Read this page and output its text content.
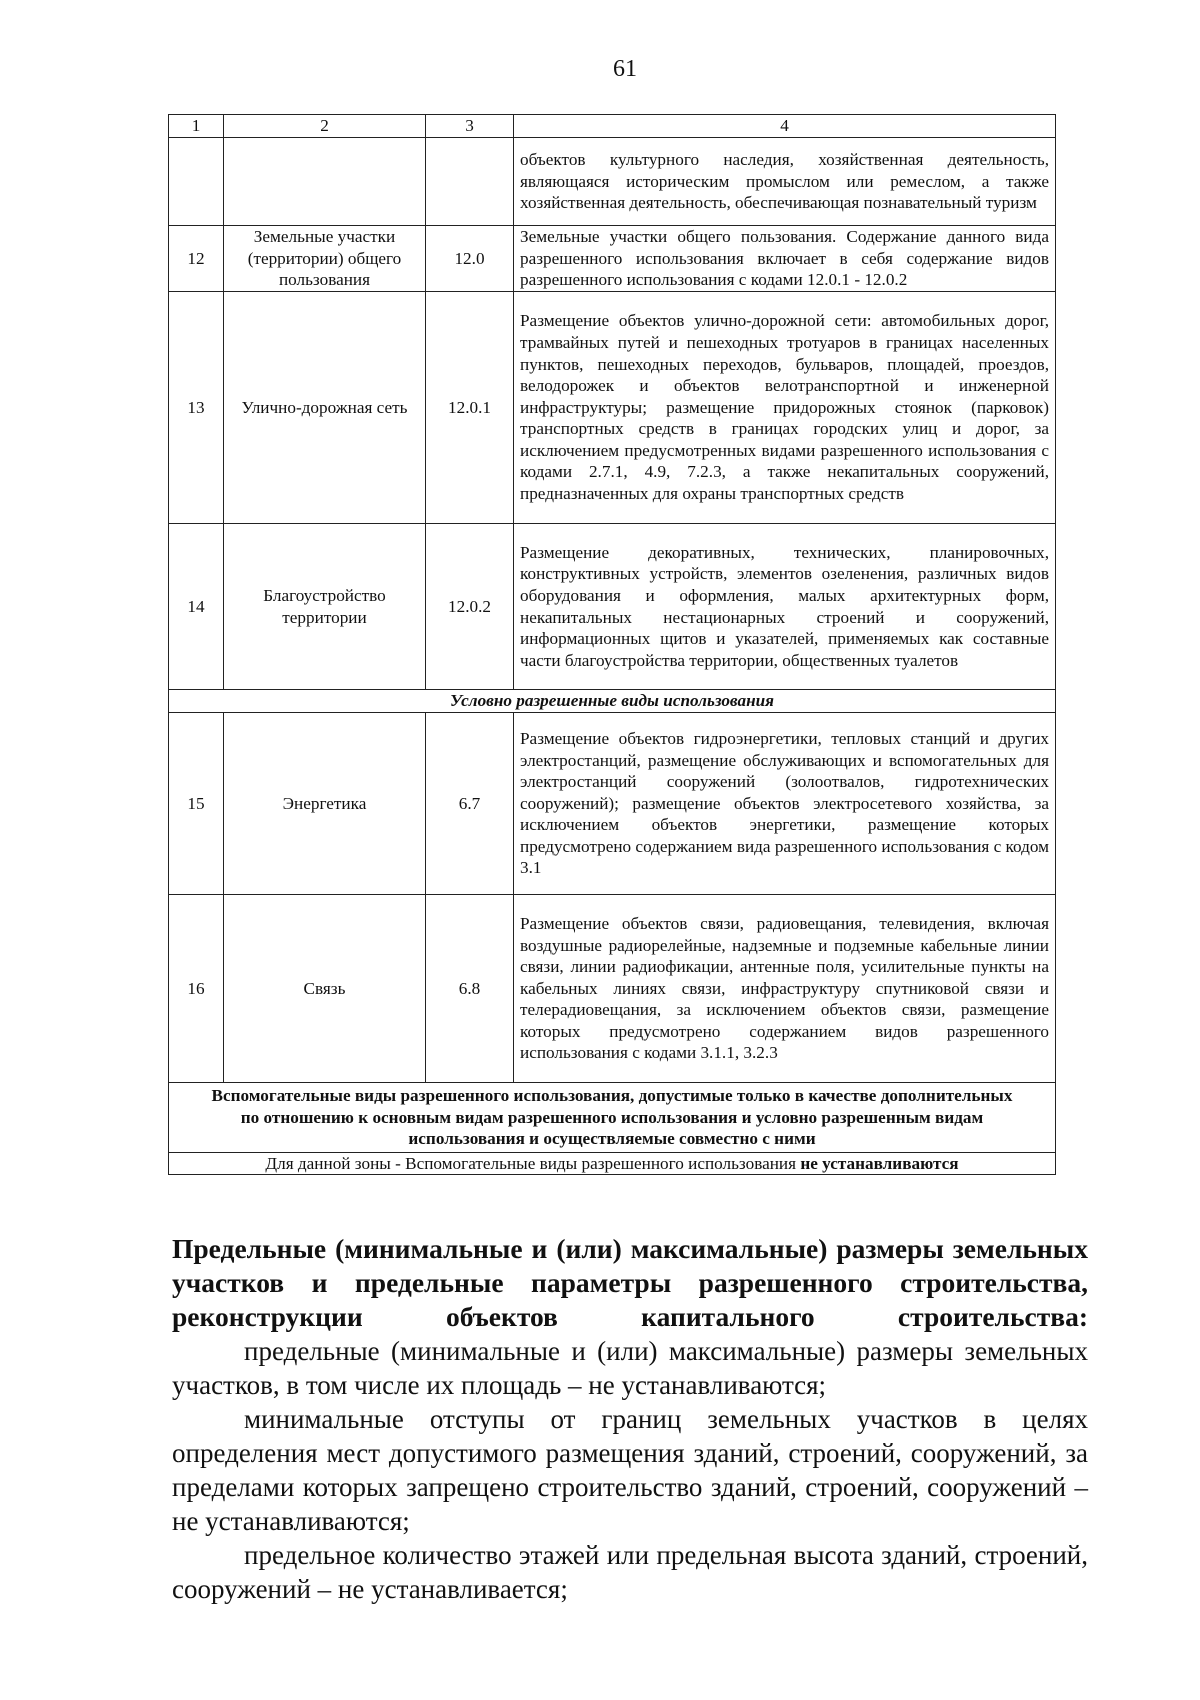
61
1	2	3	4
			объектов культурного наследия, хозяйственная деятельность, являющаяся историческим промыслом или ремеслом, а также хозяйственная деятельность, обеспечивающая познавательный туризм
12	Земельные участки (территории) общего пользования	12.0	Земельные участки общего пользования. Содержание данного вида разрешенного использования включает в себя содержание видов разрешенного использования с кодами 12.0.1 - 12.0.2
13	Улично-дорожная сеть	12.0.1	Размещение объектов улично-дорожной сети: автомобильных дорог, трамвайных путей и пешеходных тротуаров в границах населенных пунктов, пешеходных переходов, бульваров, площадей, проездов, велодорожек и объектов велотранспортной и инженерной инфраструктуры; размещение придорожных стоянок (парковок) транспортных средств в границах городских улиц и дорог, за исключением предусмотренных видами разрешенного использования с кодами 2.7.1, 4.9, 7.2.3, а также некапитальных сооружений, предназначенных для охраны транспортных средств
14	Благоустройство территории	12.0.2	Размещение декоративных, технических, планировочных, конструктивных устройств, элементов озеленения, различных видов оборудования и оформления, малых архитектурных форм, некапитальных нестационарных строений и сооружений, информационных щитов и указателей, применяемых как составные части благоустройства территории, общественных туалетов
Условно разрешенные виды использования			
15	Энергетика	6.7	Размещение объектов гидроэнергетики, тепловых станций и других электростанций, размещение обслуживающих и вспомогательных для электростанций сооружений (золоотвалов, гидротехнических сооружений); размещение объектов электросетевого хозяйства, за исключением объектов энергетики, размещение которых предусмотрено содержанием вида разрешенного использования с кодом 3.1
16	Связь	6.8	Размещение объектов связи, радиовещания, телевидения, включая воздушные радиорелейные, надземные и подземные кабельные линии связи, линии радиофикации, антенные поля, усилительные пункты на кабельных линиях связи, инфраструктуру спутниковой связи и телерадиовещания, за исключением объектов связи, размещение которых предусмотрено содержанием видов разрешенного использования с кодами 3.1.1, 3.2.3
Вспомогательные виды разрешенного использования, допустимые только в качестве дополнительных по отношению к основным видам разрешенного использования и условно разрешенным видам использования и осуществляемые совместно с ними			
Для данной зоны - Вспомогательные виды разрешенного использования не устанавливаются			
Предельные (минимальные и (или) максимальные) размеры земельных участков и предельные параметры разрешенного строительства, реконструкции объектов капитального строительства:
предельные (минимальные и (или) максимальные) размеры земельных участков, в том числе их площадь – не устанавливаются;
минимальные отступы от границ земельных участков в целях определения мест допустимого размещения зданий, строений, сооружений, за пределами которых запрещено строительство зданий, строений, сооружений – не устанавливаются;
предельное количество этажей или предельная высота зданий, строений, сооружений – не устанавливается;
